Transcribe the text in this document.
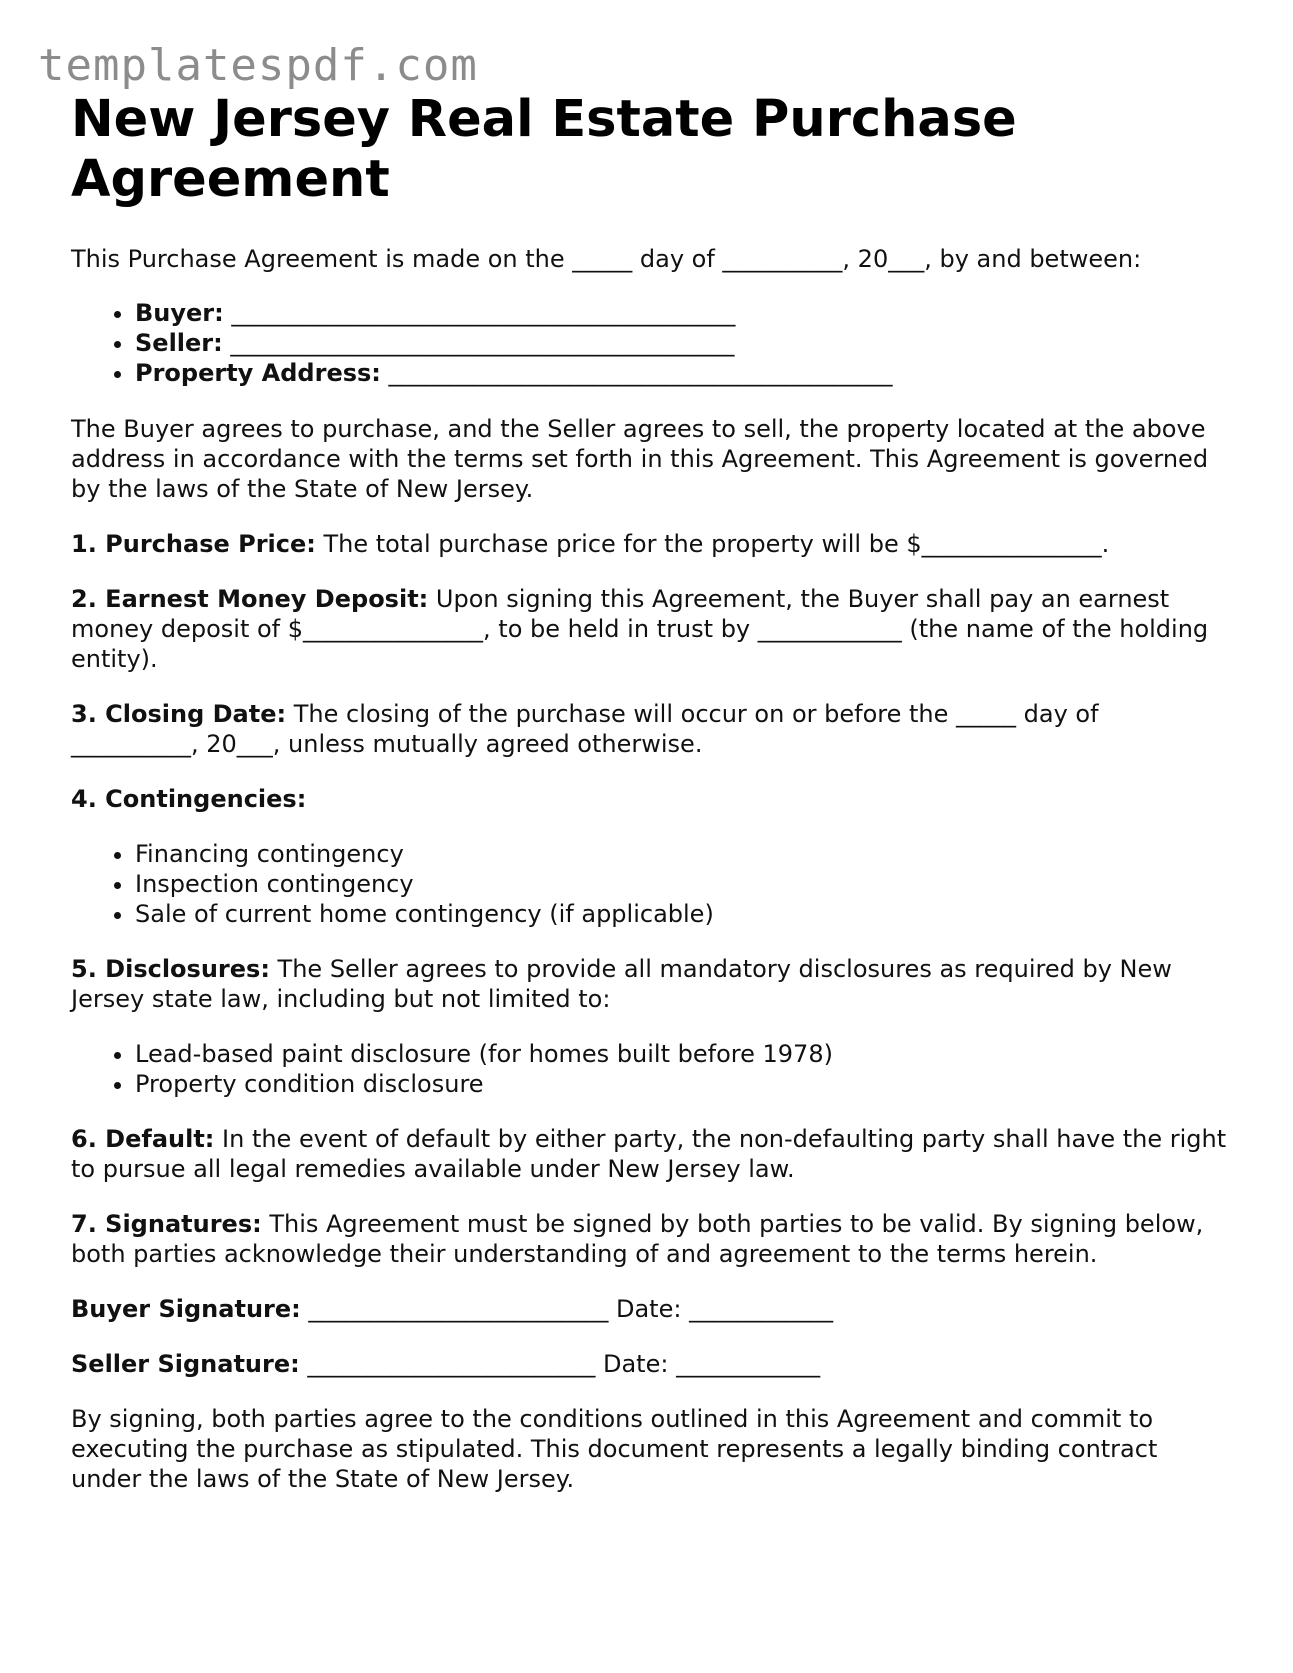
templatespdf.com
New Jersey Real Estate Purchase Agreement

This Purchase Agreement is made on the _____ day of __________, 20___, by and between:

• Buyer: __________________________________________
• Seller: __________________________________________
• Property Address: __________________________________________

The Buyer agrees to purchase, and the Seller agrees to sell, the property located at the above address in accordance with the terms set forth in this Agreement. This Agreement is governed by the laws of the State of New Jersey.

1. Purchase Price: The total purchase price for the property will be $_______________.

2. Earnest Money Deposit: Upon signing this Agreement, the Buyer shall pay an earnest money deposit of $_______________, to be held in trust by ____________ (the name of the holding entity).

3. Closing Date: The closing of the purchase will occur on or before the _____ day of __________, 20___, unless mutually agreed otherwise.

4. Contingencies:

• Financing contingency
• Inspection contingency
• Sale of current home contingency (if applicable)

5. Disclosures: The Seller agrees to provide all mandatory disclosures as required by New Jersey state law, including but not limited to:

• Lead-based paint disclosure (for homes built before 1978)
• Property condition disclosure

6. Default: In the event of default by either party, the non-defaulting party shall have the right to pursue all legal remedies available under New Jersey law.

7. Signatures: This Agreement must be signed by both parties to be valid. By signing below, both parties acknowledge their understanding of and agreement to the terms herein.

Buyer Signature: _________________________ Date: ____________

Seller Signature: ________________________ Date: ____________

By signing, both parties agree to the conditions outlined in this Agreement and commit to executing the purchase as stipulated. This document represents a legally binding contract under the laws of the State of New Jersey.
